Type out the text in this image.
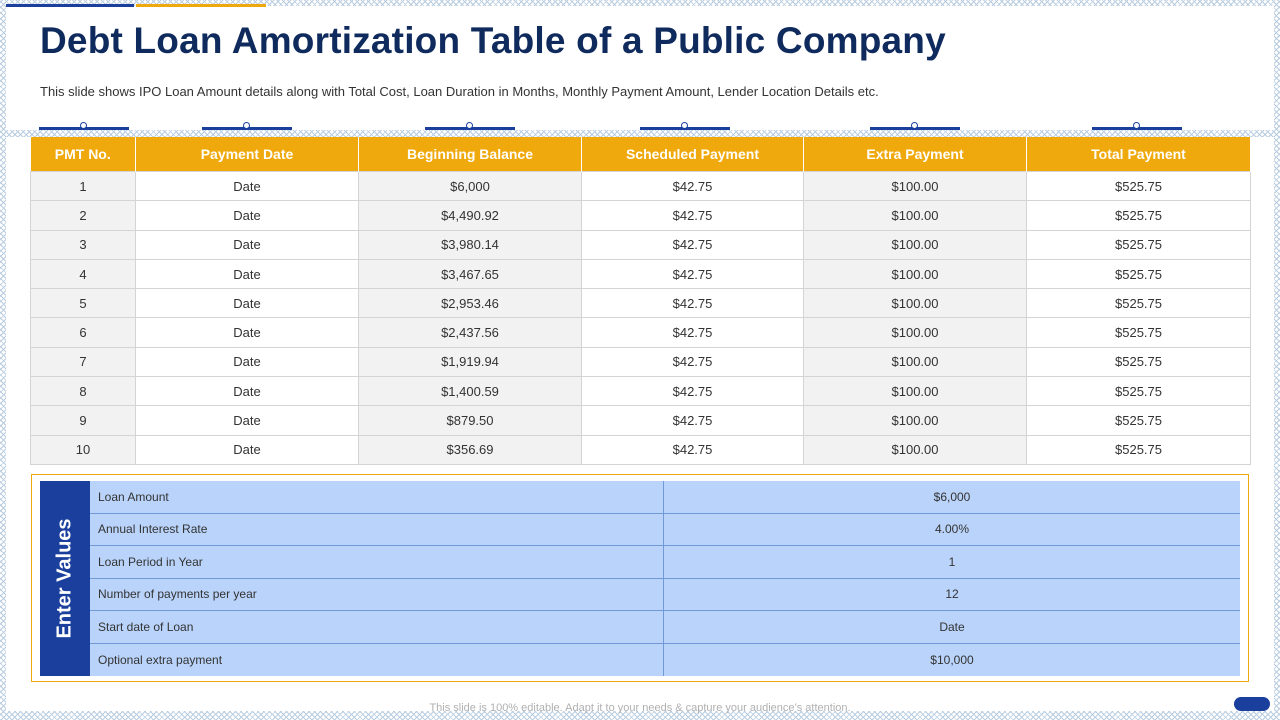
Debt Loan Amortization Table of a Public Company

This slide shows IPO Loan Amount details along with Total Cost, Loan Duration in Months, Monthly Payment Amount, Lender Location Details etc.

PMT No.	Payment Date	Beginning Balance	Scheduled Payment	Extra Payment	Total Payment
1	Date	$6,000	$42.75	$100.00	$525.75
2	Date	$4,490.92	$42.75	$100.00	$525.75
3	Date	$3,980.14	$42.75	$100.00	$525.75
4	Date	$3,467.65	$42.75	$100.00	$525.75
5	Date	$2,953.46	$42.75	$100.00	$525.75
6	Date	$2,437.56	$42.75	$100.00	$525.75
7	Date	$1,919.94	$42.75	$100.00	$525.75
8	Date	$1,400.59	$42.75	$100.00	$525.75
9	Date	$879.50	$42.75	$100.00	$525.75
10	Date	$356.69	$42.75	$100.00	$525.75
Enter Values
Loan Amount	$6,000
Annual Interest Rate	4.00%
Loan Period in Year	1
Number of payments per year	12
Start date of Loan	Date
Optional extra payment	$10,000
This slide is 100% editable. Adapt it to your needs & capture your audience’s attention.
